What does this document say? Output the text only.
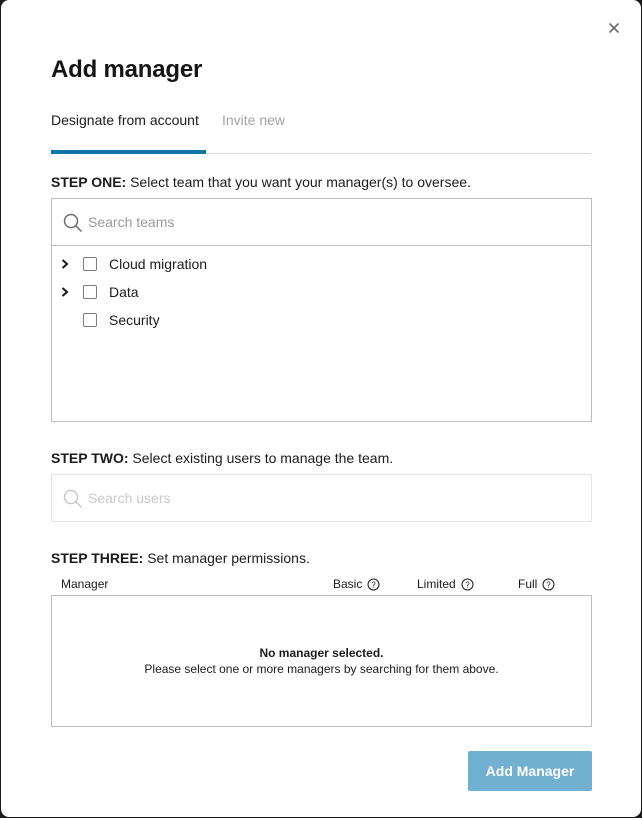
Add manager
Designate from account	Invite new
STEP ONE: Select team that you want your manager(s) to oversee.
Search teams
Cloud migration
Data
Security
STEP TWO: Select existing users to manage the team.
Search users
STEP THREE: Set manager permissions.
Manager	Basic ?	Limited ?	Full ?
No manager selected.
Please select one or more managers by searching for them above.
Add Manager
